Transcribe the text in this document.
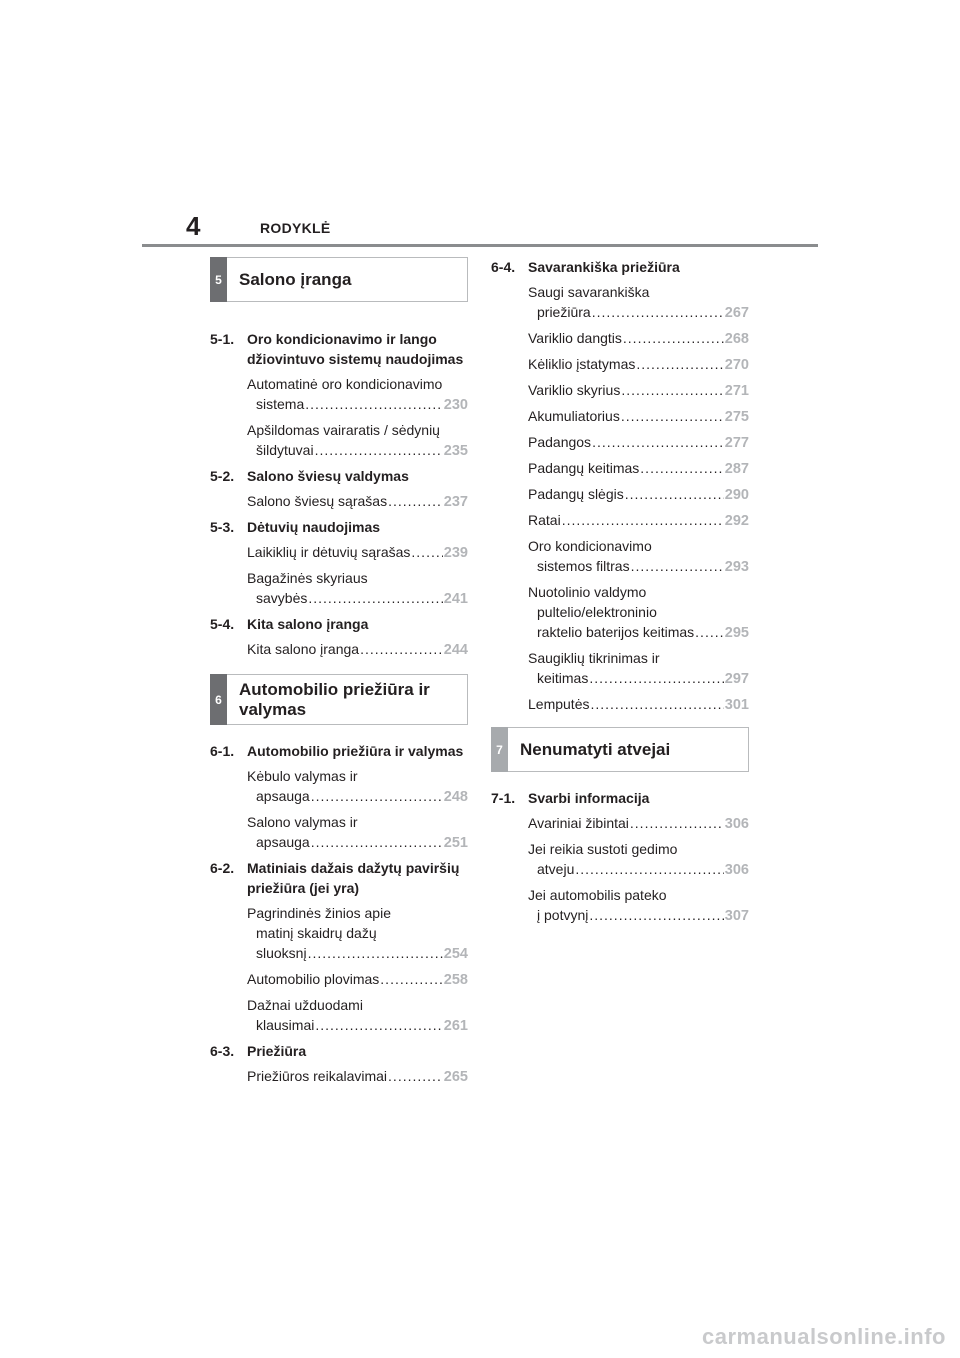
4	RODYKLĖ
5	Salono įranga
5-1. Oro kondicionavimo ir lango džiovintuvo sistemų naudojimas
Automatinė oro kondicionavimo
sistema .....	230
Apšildomas vairaratis / sėdynių
šildytuvai .....	235
5-2. Salono šviesų valdymas
Salono šviesų sąrašas .....	237
5-3. Dėtuvių naudojimas
Laikiklių ir dėtuvių sąrašas ..... 239
Bagažinės skyriaus
savybės .....	241
5-4. Kita salono įranga
Kita salono įranga .....	244
6
Automobilio priežiūra ir valymas
6-1. Automobilio priežiūra ir valymas
Kėbulo valymas ir
apsauga .....	248
Salono valymas ir
apsauga .....	251
6-2. Matiniais dažais dažytų paviršių priežiūra (jei yra)
Pagrindinės žinios apie
matinį skaidrų dažų
sluoksnį .....	254
Automobilio plovimas .....	258
Dažnai užduodami
klausimai .....	261
6-3. Priežiūra
Priežiūros reikalavimai .....	265
6-4. Savarankiška priežiūra
Saugi savarankiška
priežiūra .....	267
Variklio dangtis .....	268
Kėliklio įstatymas .....	270
Variklio skyrius .....	271
Akumuliatorius .....	275
Padangos .....	277
Padangų keitimas .....	287
Padangų slėgis .....	290
Ratai .....	292
Oro kondicionavimo
sistemos filtras .....	293
Nuotolinio valdymo
pultelio/elektroninio
raktelio baterijos keitimas ..... 295
Saugiklių tikrinimas ir
keitimas .....	297
Lemputės .....	301
7	Nenumatyti atvejai
7-1. Svarbi informacija
Avariniai žibintai .....	306
Jei reikia sustoti gedimo
atveju .....	306
Jei automobilis pateko
į potvynį .....	307
carmanualsonline.info
